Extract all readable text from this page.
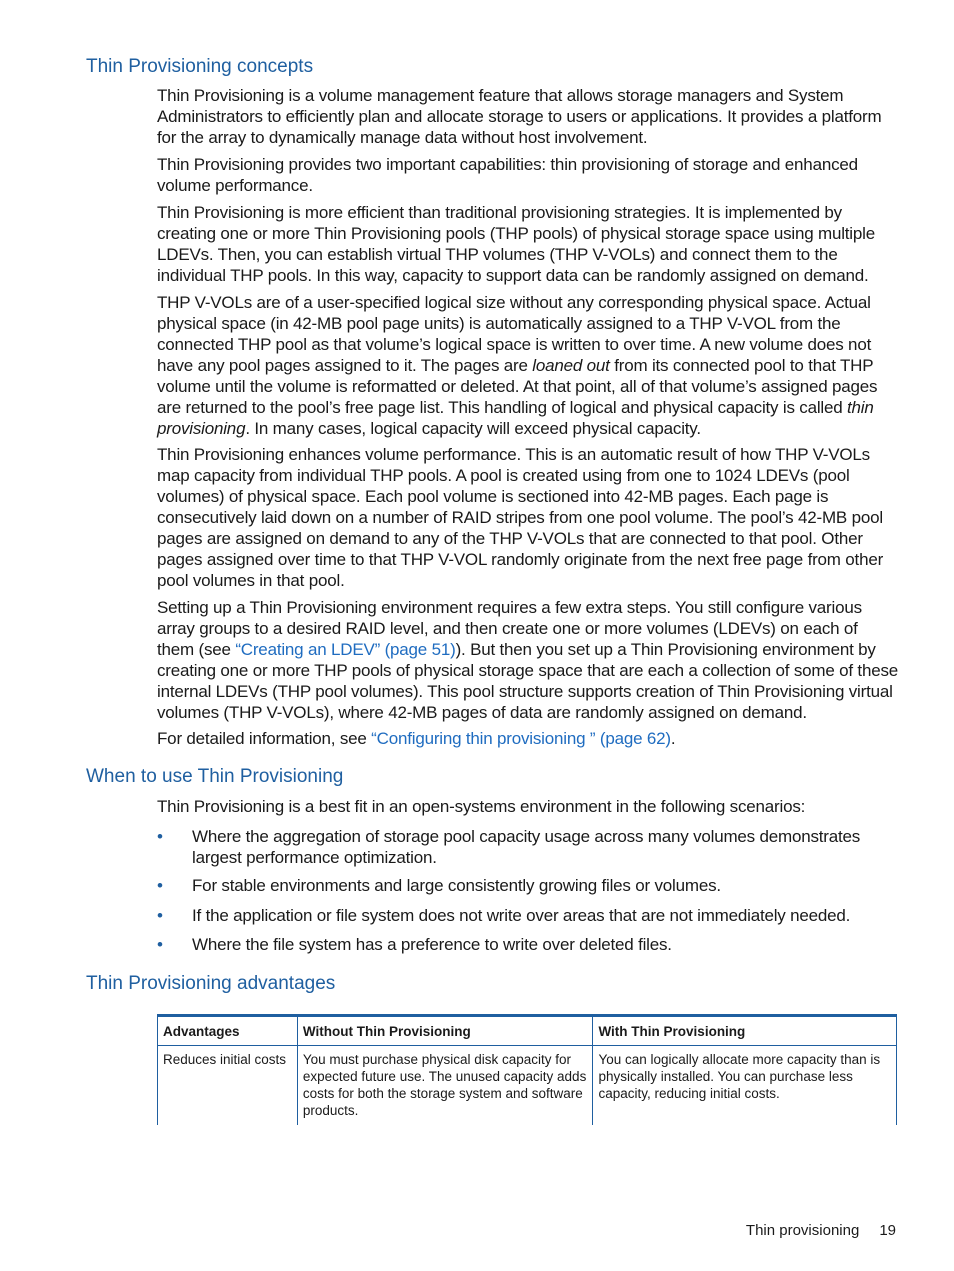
Thin Provisioning concepts

Thin Provisioning is a volume management feature that allows storage managers and System Administrators to efficiently plan and allocate storage to users or applications. It provides a platform for the array to dynamically manage data without host involvement.

Thin Provisioning provides two important capabilities: thin provisioning of storage and enhanced volume performance.

Thin Provisioning is more efficient than traditional provisioning strategies. It is implemented by creating one or more Thin Provisioning pools (THP pools) of physical storage space using multiple LDEVs. Then, you can establish virtual THP volumes (THP V-VOLs) and connect them to the individual THP pools. In this way, capacity to support data can be randomly assigned on demand.

THP V-VOLs are of a user-specified logical size without any corresponding physical space. Actual physical space (in 42-MB pool page units) is automatically assigned to a THP V-VOL from the connected THP pool as that volume’s logical space is written to over time. A new volume does not have any pool pages assigned to it. The pages are loaned out from its connected pool to that THP volume until the volume is reformatted or deleted. At that point, all of that volume’s assigned pages are returned to the pool’s free page list. This handling of logical and physical capacity is called thin provisioning. In many cases, logical capacity will exceed physical capacity.

Thin Provisioning enhances volume performance. This is an automatic result of how THP V-VOLs map capacity from individual THP pools. A pool is created using from one to 1024 LDEVs (pool volumes) of physical space. Each pool volume is sectioned into 42-MB pages. Each page is consecutively laid down on a number of RAID stripes from one pool volume. The pool’s 42-MB pool pages are assigned on demand to any of the THP V-VOLs that are connected to that pool. Other pages assigned over time to that THP V-VOL randomly originate from the next free page from other pool volumes in that pool.

Setting up a Thin Provisioning environment requires a few extra steps. You still configure various array groups to a desired RAID level, and then create one or more volumes (LDEVs) on each of them (see “Creating an LDEV” (page 51)). But then you set up a Thin Provisioning environment by creating one or more THP pools of physical storage space that are each a collection of some of these internal LDEVs (THP pool volumes). This pool structure supports creation of Thin Provisioning virtual volumes (THP V-VOLs), where 42-MB pages of data are randomly assigned on demand.

For detailed information, see “Configuring thin provisioning ” (page 62).

When to use Thin Provisioning

Thin Provisioning is a best fit in an open-systems environment in the following scenarios:

• Where the aggregation of storage pool capacity usage across many volumes demonstrates largest performance optimization.
• For stable environments and large consistently growing files or volumes.
• If the application or file system does not write over areas that are not immediately needed.
• Where the file system has a preference to write over deleted files.
Thin Provisioning advantages
Advantages	Without Thin Provisioning	With Thin Provisioning
Reduces initial costs	You must purchase physical disk capacity for expected future use. The unused capacity adds costs for both the storage system and software products.	You can logically allocate more capacity than is physically installed. You can purchase less capacity, reducing initial costs.
Thin provisioning 19
